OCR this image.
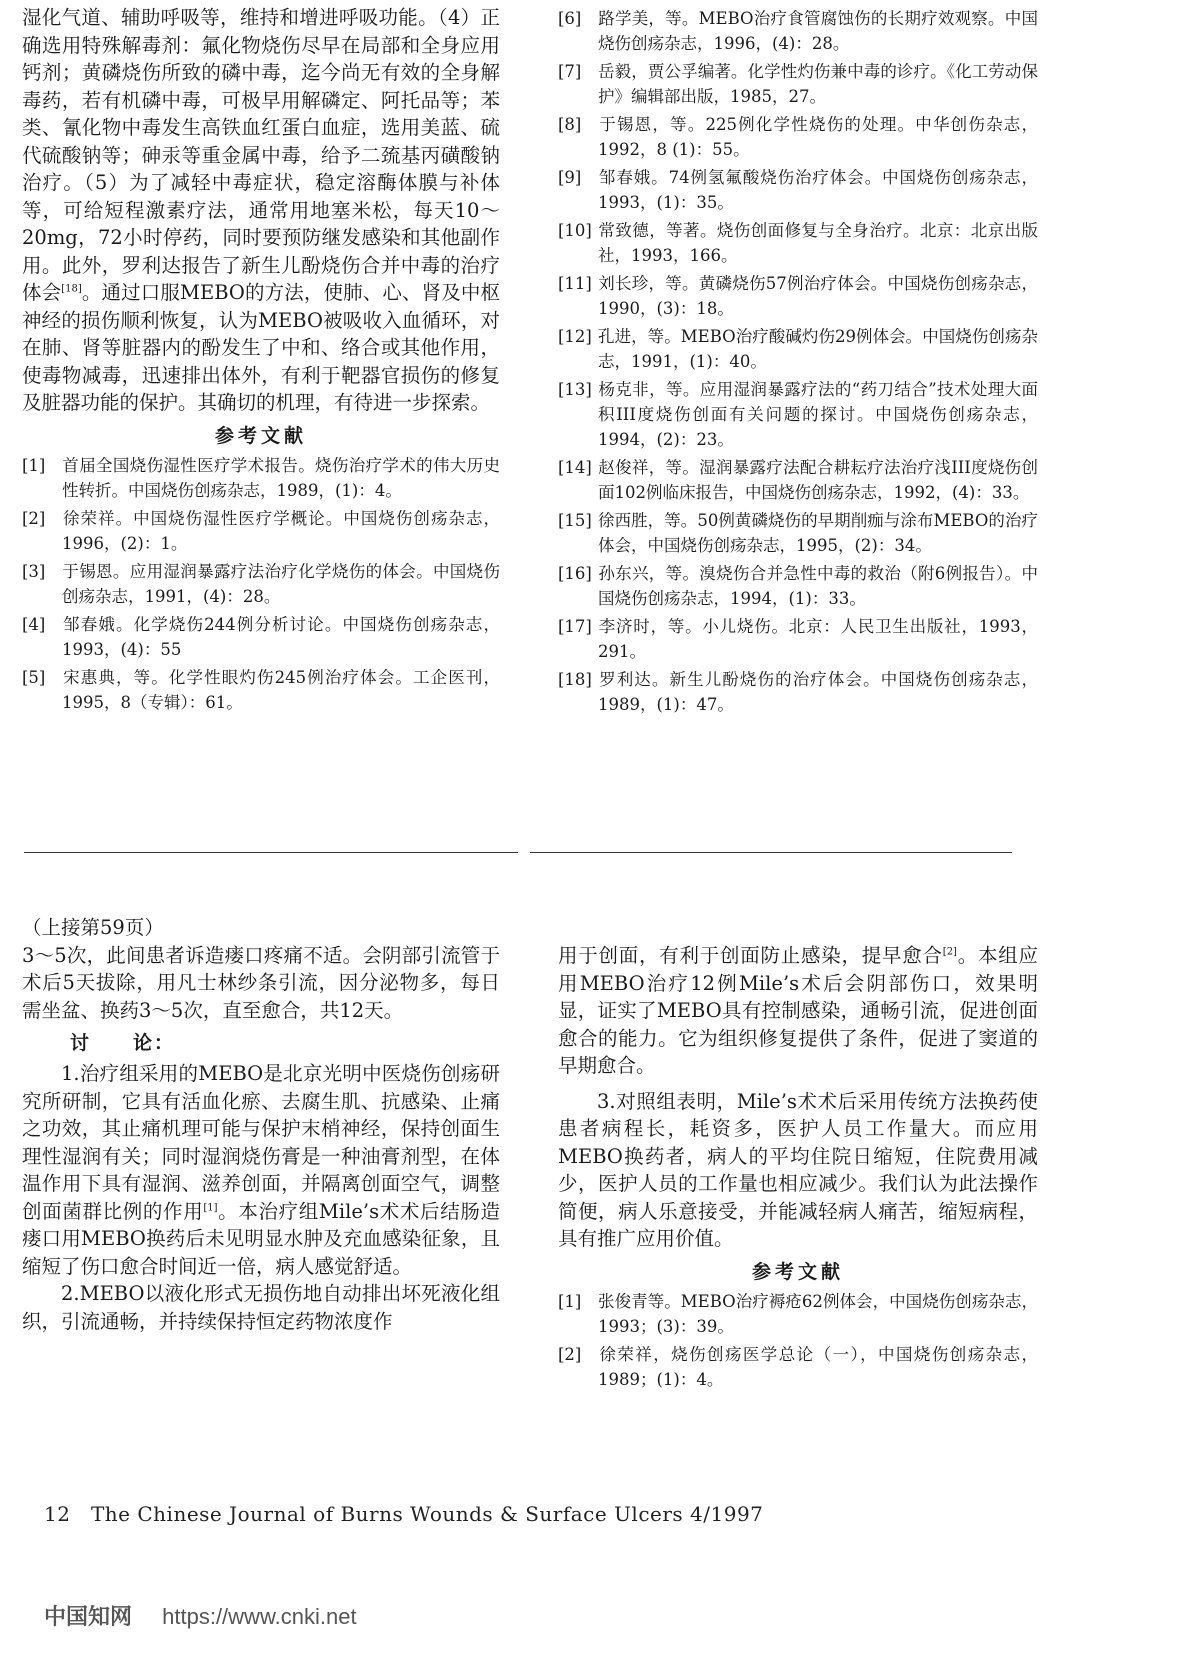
湿化气道、辅助呼吸等，维持和增进呼吸功能。（4）正确选用特殊解毒剂：氟化物烧伤尽早在局部和全身应用钙剂；黄磷烧伤所致的磷中毒，迄今尚无有效的全身解毒药，若有机磷中毒，可极早用解磷定、阿托品等；苯类、氰化物中毒发生高铁血红蛋白血症，选用美蓝、硫代硫酸钠等；砷汞等重金属中毒，给予二巯基丙磺酸钠治疗。（5）为了减轻中毒症状，稳定溶酶体膜与补体等，可给短程激素疗法，通常用地塞米松，每天10～20mg，72小时停药，同时要预防继发感染和其他副作用。此外，罗利达报告了新生儿酚烧伤合并中毒的治疗体会[18]。通过口服MEBO的方法，使肺、心、肾及中枢神经的损伤顺利恢复，认为MEBO被吸收入血循环，对在肺、肾等脏器内的酚发生了中和、络合或其他作用，使毒物减毒，迅速排出体外，有利于靶器官损伤的修复及脏器功能的保护。其确切的机理，有待进一步探索。

参考文献
[1] 首届全国烧伤湿性医疗学术报告。烧伤治疗学术的伟大历史性转折。中国烧伤创疡杂志，1989，(1)：4。
[2] 徐荣祥。中国烧伤湿性医疗学概论。中国烧伤创疡杂志，1996，(2)：1。
[3] 于锡恩。应用湿润暴露疗法治疗化学烧伤的体会。中国烧伤创疡杂志，1991，(4)：28。
[4] 邹春娥。化学烧伤244例分析讨论。中国烧伤创疡杂志，1993，(4)：55
[5] 宋惠典，等。化学性眼灼伤245例治疗体会。工企医刊，1995，8（专辑）：61。
[6] 路学美，等。MEBO治疗食管腐蚀伤的长期疗效观察。中国烧伤创疡杂志，1996，(4)：28。
[7] 岳毅，贾公孚编著。化学性灼伤兼中毒的诊疗。《化工劳动保护》编辑部出版，1985，27。
[8] 于锡恩，等。225例化学性烧伤的处理。中华创伤杂志，1992，8 (1)：55。
[9] 邹春娥。74例氢氟酸烧伤治疗体会。中国烧伤创疡杂志，1993，(1)：35。
[10] 常致德，等著。烧伤创面修复与全身治疗。北京：北京出版社，1993，166。
[11] 刘长珍，等。黄磷烧伤57例治疗体会。中国烧伤创疡杂志，1990，(3)：18。
[12] 孔进，等。MEBO治疗酸碱灼伤29例体会。中国烧伤创疡杂志，1991，(1)：40。
[13] 杨克非，等。应用湿润暴露疗法的“药刀结合”技术处理大面积III度烧伤创面有关问题的探讨。中国烧伤创疡杂志，1994，(2)：23。
[14] 赵俊祥，等。湿润暴露疗法配合耕耘疗法治疗浅III度烧伤创面102例临床报告，中国烧伤创疡杂志，1992，(4)：33。
[15] 徐西胜，等。50例黄磷烧伤的早期削痂与涂布MEBO的治疗体会，中国烧伤创疡杂志，1995，(2)：34。
[16] 孙东兴，等。溴烧伤合并急性中毒的救治（附6例报告）。中国烧伤创疡杂志，1994，(1)：33。
[17] 李济时，等。小儿烧伤。北京：人民卫生出版社，1993，291。
[18] 罗利达。新生儿酚烧伤的治疗体会。中国烧伤创疡杂志，1989，(1)：47。
（上接第59页）

3～5次，此间患者诉造瘘口疼痛不适。会阴部引流管于术后5天拔除，用凡士林纱条引流，因分泌物多，每日需坐盆、换药3～5次，直至愈合，共12天。

讨　　论：

1.治疗组采用的MEBO是北京光明中医烧伤创疡研究所研制，它具有活血化瘀、去腐生肌、抗感染、止痛之功效，其止痛机理可能与保护末梢神经，保持创面生理性湿润有关；同时湿润烧伤膏是一种油膏剂型，在体温作用下具有湿润、滋养创面，并隔离创面空气，调整创面菌群比例的作用[1]。本治疗组Mile’s术术后结肠造瘘口用MEBO换药后未见明显水肿及充血感染征象，且缩短了伤口愈合时间近一倍，病人感觉舒适。

2.MEBO以液化形式无损伤地自动排出坏死液化组织，引流通畅，并持续保持恒定药物浓度作

用于创面，有利于创面防止感染，提早愈合[2]。本组应用MEBO治疗12例Mile’s术后会阴部伤口，效果明显，证实了MEBO具有控制感染，通畅引流，促进创面愈合的能力。它为组织修复提供了条件，促进了窦道的早期愈合。

3.对照组表明，Mile’s术术后采用传统方法换药使患者病程长，耗资多，医护人员工作量大。而应用MEBO换药者，病人的平均住院日缩短，住院费用减少，医护人员的工作量也相应减少。我们认为此法操作简便，病人乐意接受，并能减轻病人痛苦，缩短病程，具有推广应用价值。

参考文献
[1] 张俊青等。MEBO治疗褥疮62例体会，中国烧伤创疡杂志，1993；(3)：39。
[2] 徐荣祥，烧伤创疡医学总论（一），中国烧伤创疡杂志，1989；(1)：4。
12　The Chinese Journal of Burns Wounds & Surface Ulcers 4/1997
中国知网 https://www.cnki.net
